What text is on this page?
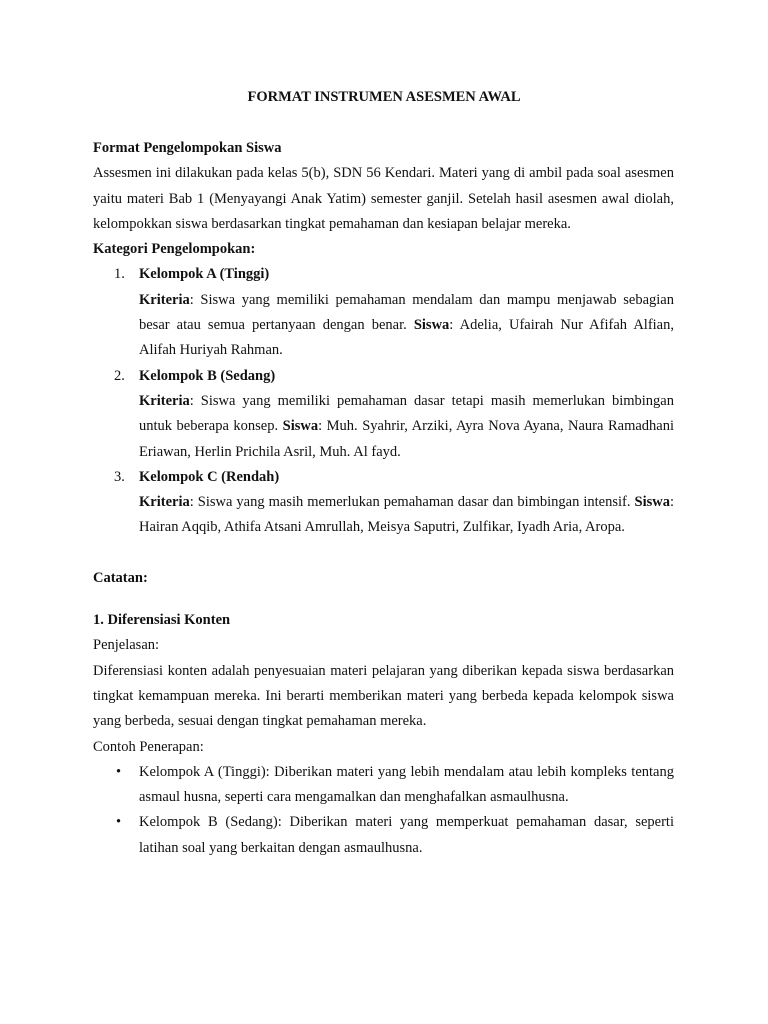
FORMAT INSTRUMEN ASESMEN AWAL

Format Pengelompokan Siswa

Assesmen ini dilakukan pada kelas 5(b), SDN 56 Kendari. Materi yang di ambil pada soal asesmen yaitu materi Bab 1 (Menyayangi Anak Yatim) semester ganjil. Setelah hasil asesmen awal diolah, kelompokkan siswa berdasarkan tingkat pemahaman dan kesiapan belajar mereka.

Kategori Pengelompokan:

1. Kelompok A (Tinggi)
Kriteria: Siswa yang memiliki pemahaman mendalam dan mampu menjawab sebagian besar atau semua pertanyaan dengan benar. Siswa: Adelia, Ufairah Nur Afifah Alfian, Alifah Huriyah Rahman.
2. Kelompok B (Sedang)
Kriteria: Siswa yang memiliki pemahaman dasar tetapi masih memerlukan bimbingan untuk beberapa konsep. Siswa: Muh. Syahrir, Arziki, Ayra Nova Ayana, Naura Ramadhani Eriawan, Herlin Prichila Asril, Muh. Al fayd.
3. Kelompok C (Rendah)
Kriteria: Siswa yang masih memerlukan pemahaman dasar dan bimbingan intensif. Siswa: Hairan Aqqib, Athifa Atsani Amrullah, Meisya Saputri, Zulfikar, Iyadh Aria, Aropa.

Catatan:

1. Diferensiasi Konten

Penjelasan:

Diferensiasi konten adalah penyesuaian materi pelajaran yang diberikan kepada siswa berdasarkan tingkat kemampuan mereka. Ini berarti memberikan materi yang berbeda kepada kelompok siswa yang berbeda, sesuai dengan tingkat pemahaman mereka.

Contoh Penerapan:

• Kelompok A (Tinggi): Diberikan materi yang lebih mendalam atau lebih kompleks tentang asmaul husna, seperti cara mengamalkan dan menghafalkan asmaulhusna.
• Kelompok B (Sedang): Diberikan materi yang memperkuat pemahaman dasar, seperti latihan soal yang berkaitan dengan asmaulhusna.
